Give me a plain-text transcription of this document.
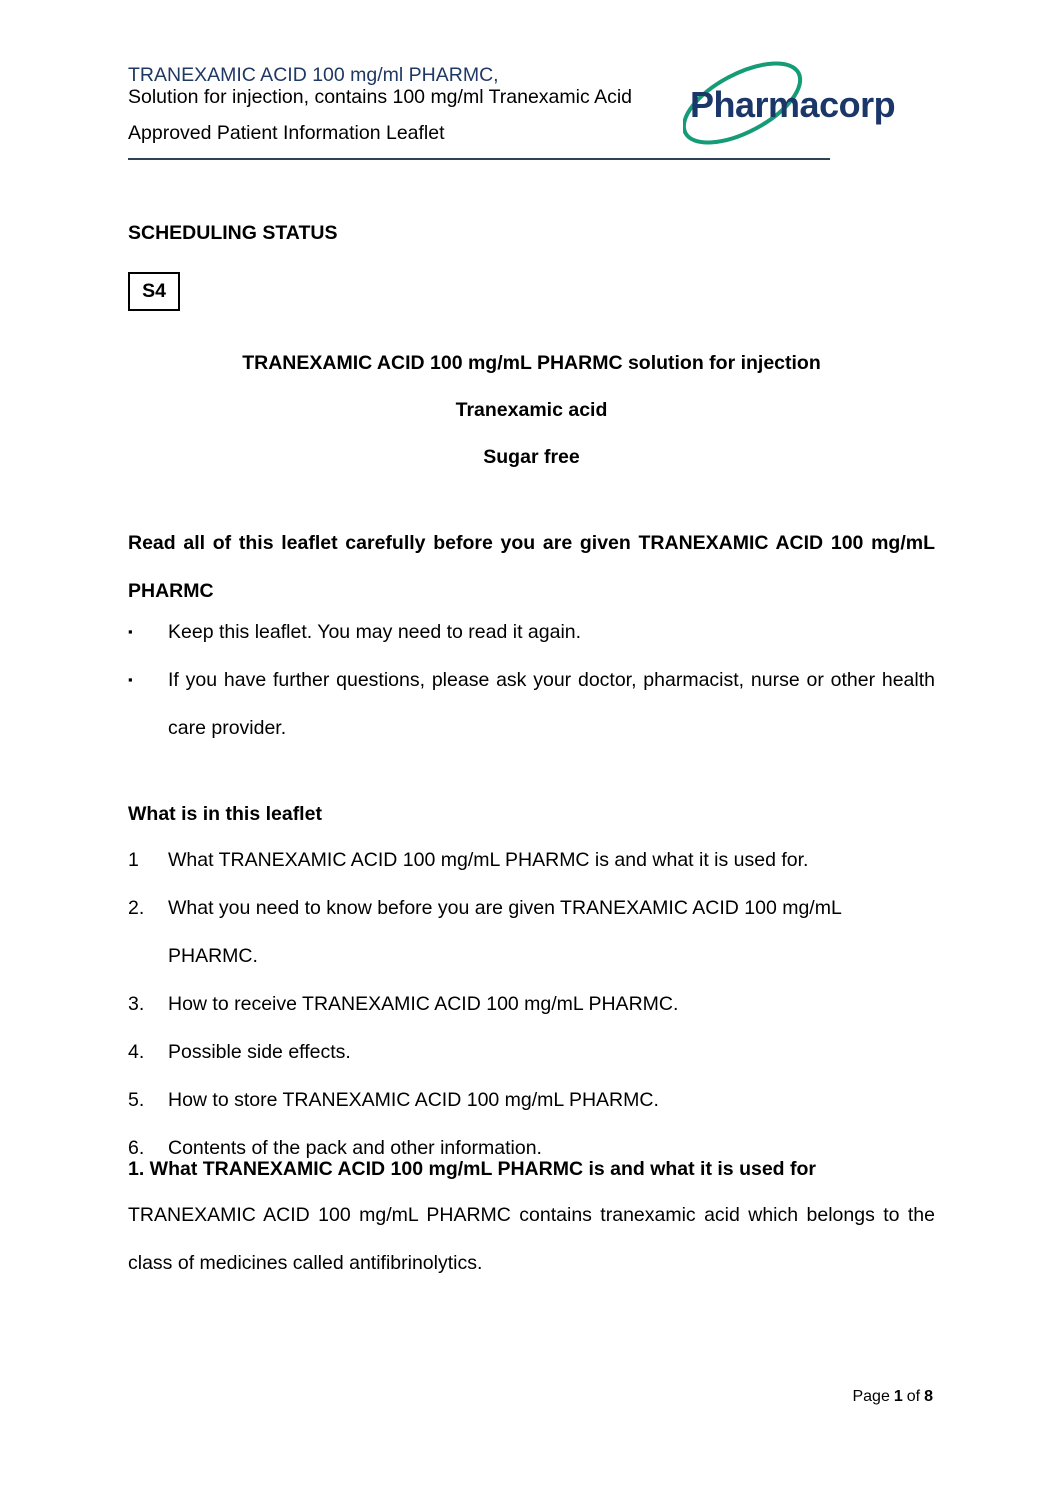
TRANEXAMIC ACID 100 mg/ml PHARMC,
Solution for injection, contains 100 mg/ml Tranexamic Acid
Approved Patient Information Leaflet
Pharmacorp
SCHEDULING STATUS
S4
TRANEXAMIC ACID 100 mg/mL PHARMC solution for injection
Tranexamic acid
Sugar free
Read all of this leaflet carefully before you are given TRANEXAMIC ACID 100 mg/mL PHARMC
▪	Keep this leaflet. You may need to read it again.
▪	If you have further questions, please ask your doctor, pharmacist, nurse or other health care provider.
What is in this leaflet
1	What TRANEXAMIC ACID 100 mg/mL PHARMC is and what it is used for.
2.	What you need to know before you are given TRANEXAMIC ACID 100 mg/mL PHARMC.
3.	How to receive TRANEXAMIC ACID 100 mg/mL PHARMC.
4.	Possible side effects.
5.	How to store TRANEXAMIC ACID 100 mg/mL PHARMC.
6.	Contents of the pack and other information.
1. What TRANEXAMIC ACID 100 mg/mL PHARMC is and what it is used for
TRANEXAMIC ACID 100 mg/mL PHARMC contains tranexamic acid which belongs to the class of medicines called antifibrinolytics.
Page 1 of 8
